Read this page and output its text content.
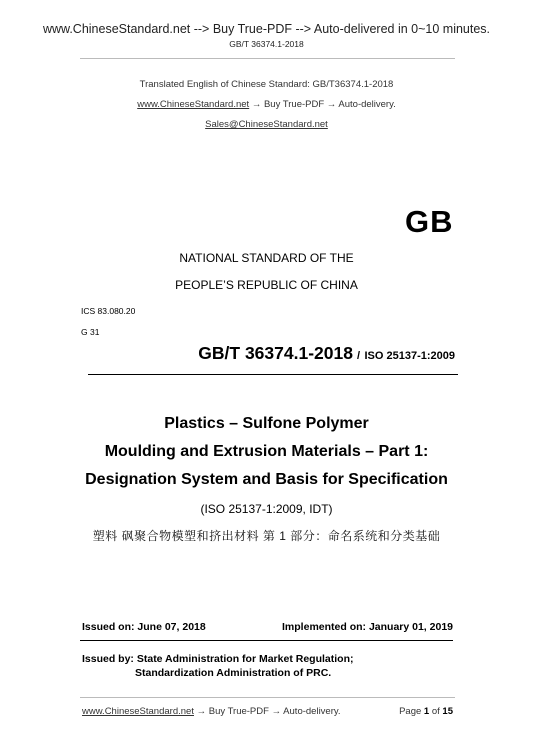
www.ChineseStandard.net --> Buy True-PDF --> Auto-delivered in 0~10 minutes.
GB/T 36374.1-2018
Translated English of Chinese Standard: GB/T36374.1-2018
www.ChineseStandard.net → Buy True-PDF → Auto-delivery.
Sales@ChineseStandard.net
GB
NATIONAL STANDARD OF THE
PEOPLE’S REPUBLIC OF CHINA
ICS 83.080.20
G 31
GB/T 36374.1-2018 / ISO 25137-1:2009
Plastics – Sulfone Polymer
Moulding and Extrusion Materials – Part 1:
Designation System and Basis for Specification
(ISO 25137-1:2009, IDT)
塑料 砜聚合物模塑和挤出材料 第 1 部分：命名系统和分类基础
Issued on: June 07, 2018	Implemented on: January 01, 2019
Issued by: State Administration for Market Regulation;
Standardization Administration of PRC.
www.ChineseStandard.net → Buy True-PDF → Auto-delivery.	Page 1 of 15
